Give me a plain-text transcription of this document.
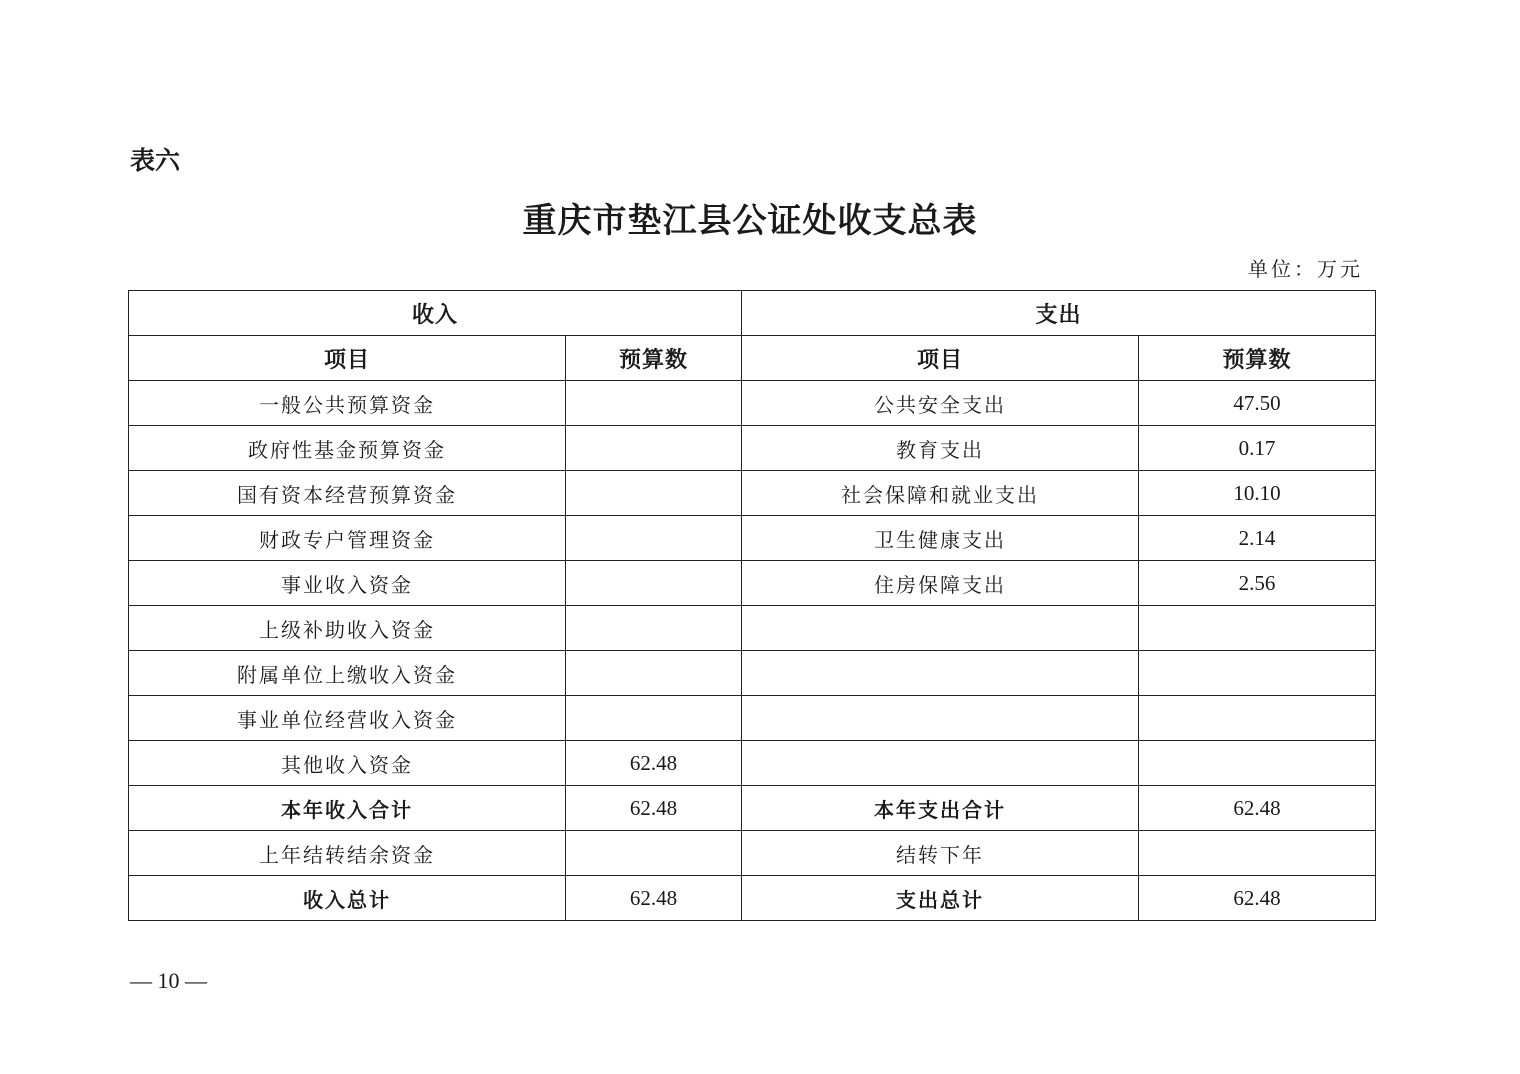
表六
重庆市垫江县公证处收支总表
单位：万元
收入		支出	
项目	预算数	项目	预算数
一般公共预算资金		公共安全支出	47.50
政府性基金预算资金		教育支出	0.17
国有资本经营预算资金		社会保障和就业支出	10.10
财政专户管理资金		卫生健康支出	2.14
事业收入资金		住房保障支出	2.56
上级补助收入资金			
附属单位上缴收入资金			
事业单位经营收入资金			
其他收入资金	62.48		
本年收入合计	62.48	本年支出合计	62.48
上年结转结余资金		结转下年	
收入总计	62.48	支出总计	62.48
— 10 —
